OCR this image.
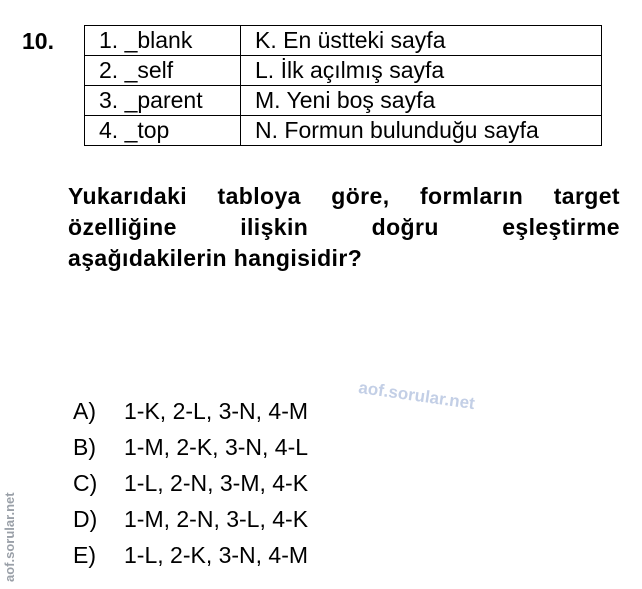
10. 1. _blank	K. En üstteki sayfa
2. _self	L. İlk açılmış sayfa
3. _parent	M. Yeni boş sayfa
4. _top	N. Formun bulunduğu sayfa
Yukarıdaki tabloya göre, formların target
özelliğine ilişkin doğru eşleştirme
aşağıdakilerin hangisidir?
aof.sorular.net
A)	1-K, 2-L, 3-N, 4-M
B)	1-M, 2-K, 3-N, 4-L
C)	1-L, 2-N, 3-M, 4-K
D)	1-M, 2-N, 3-L, 4-K
E)	1-L, 2-K, 3-N, 4-M
aof.sorular.net
